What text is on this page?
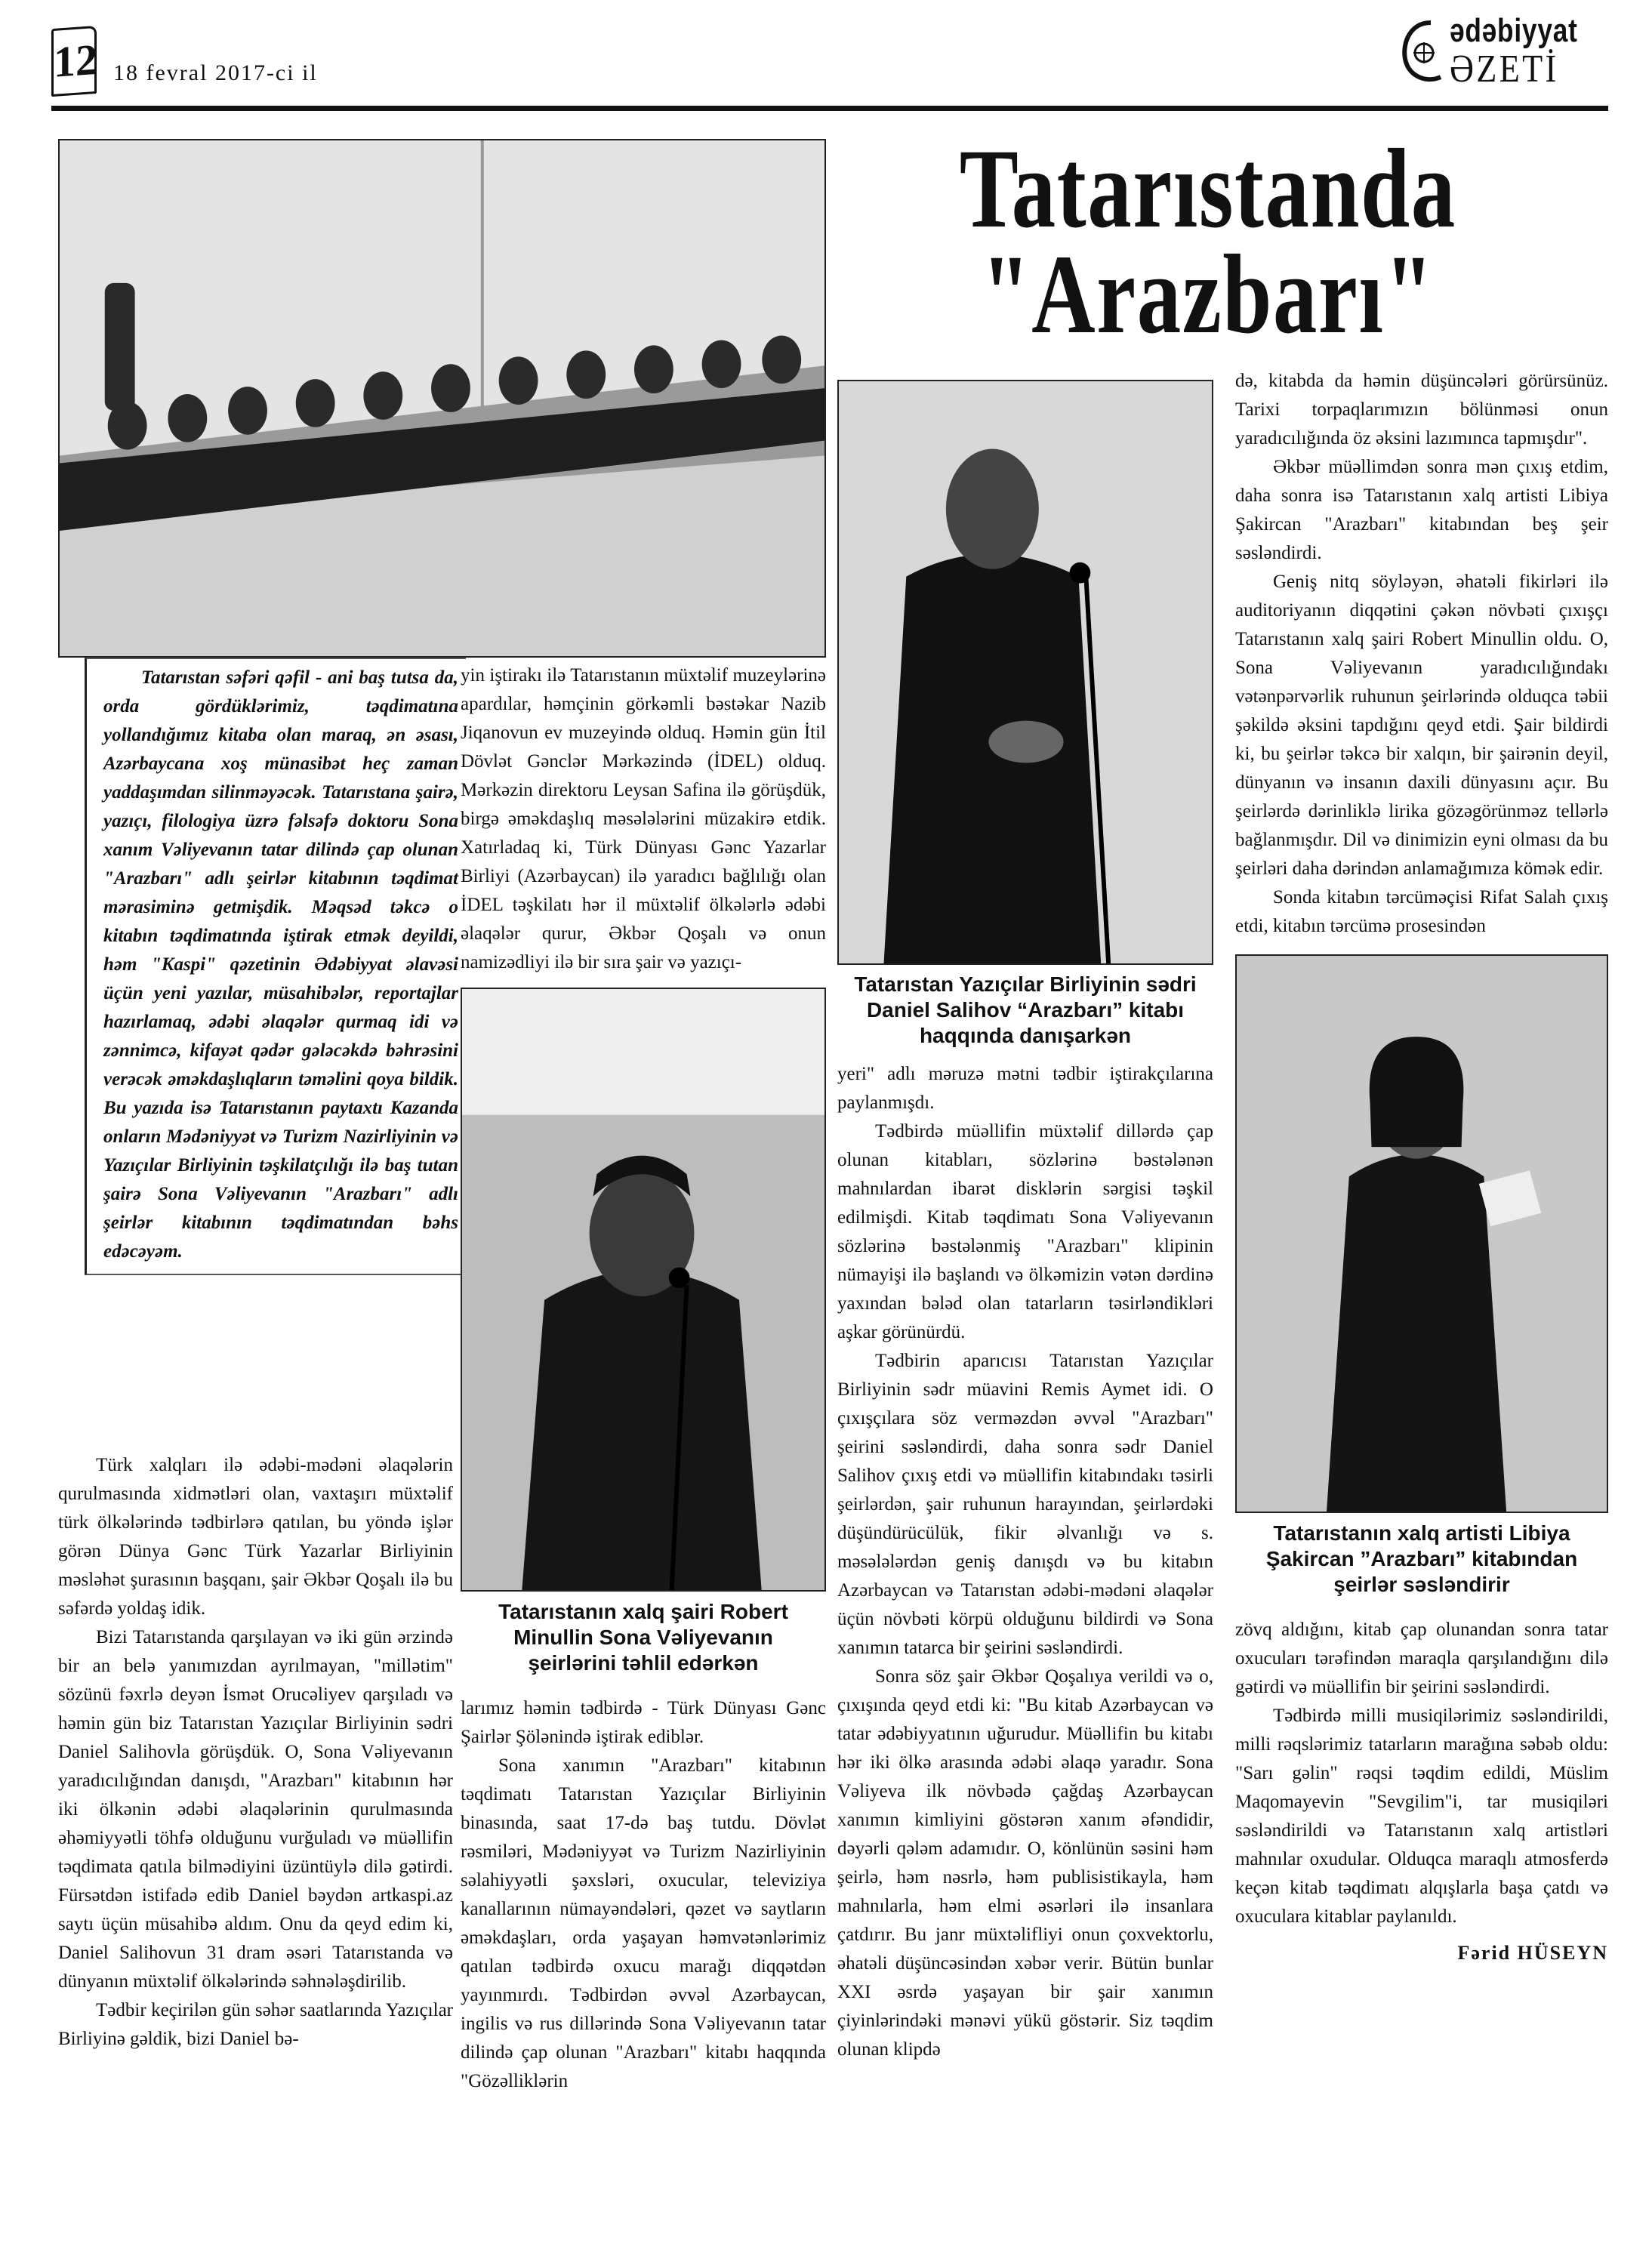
12 18 fevral 2017-ci il
ədəbiyyat
ƏZETİ
Tatarıstanda
"Arazbarı"

Tatarıstan səfəri qəfil - ani baş tutsa da, orda gördüklərimiz, təqdimatına yollandığımız kitaba olan maraq, ən əsası, Azərbaycana xoş münasibət heç zaman yaddaşımdan silinməyəcək. Tatarıstana şairə, yazıçı, filologiya üzrə fəlsəfə doktoru Sona xanım Vəliyevanın tatar dilində çap olunan "Arazbarı" adlı şeirlər kitabının təqdimat mərasiminə getmişdik. Məqsəd təkcə o kitabın təqdimatında iştirak etmək deyildi, həm "Kaspi" qəzetinin Ədəbiyyat əlavəsi üçün yeni yazılar, müsahibələr, reportajlar hazırlamaq, ədəbi əlaqələr qurmaq idi və zənnimcə, kifayət qədər gələcəkdə bəhrəsini verəcək əməkdaşlıqların təməlini qoya bildik. Bu yazıda isə Tatarıstanın paytaxtı Kazanda onların Mədəniyyət və Turizm Nazirliyinin və Yazıçılar Birliyinin təşkilatçılığı ilə baş tutan şairə Sona Vəliyevanın "Arazbarı" adlı şeirlər kitabının təqdimatından bəhs edəcəyəm.

Türk xalqları ilə ədəbi-mədəni əlaqələrin qurulmasında xidmətləri olan, vaxtaşırı müxtəlif türk ölkələrində tədbirlərə qatılan, bu yöndə işlər görən Dünya Gənc Türk Yazarlar Birliyinin məsləhət şurasının başqanı, şair Əkbər Qoşalı ilə bu səfərdə yoldaş idik.

Bizi Tatarıstanda qarşılayan və iki gün ərzində bir an belə yanımızdan ayrılmayan, "millətim" sözünü fəxrlə deyən İsmət Orucəliyev qarşıladı və həmin gün biz Tatarıstan Yazıçılar Birliyinin sədri Daniel Salihovla görüşdük. O, Sona Vəliyevanın yaradıcılığından danışdı, "Arazbarı" kitabının hər iki ölkənin ədəbi əlaqələrinin qurulmasında əhəmiyyətli töhfə olduğunu vurğuladı və müəllifin təqdimata qatıla bilmədiyini üzüntüylə dilə gətirdi. Fürsətdən istifadə edib Daniel bəydən artkaspi.az saytı üçün müsahibə aldım. Onu da qeyd edim ki, Daniel Salihovun 31 dram əsəri Tatarıstanda və dünyanın müxtəlif ölkələrində səhnələşdirilib.

Tədbir keçirilən gün səhər saatlarında Yazıçılar Birliyinə gəldik, bizi Daniel bə-

yin iştirakı ilə Tatarıstanın müxtəlif muzeylərinə apardılar, həmçinin görkəmli bəstəkar Nazib Jiqanovun ev muzeyində olduq. Həmin gün İtil Dövlət Gənclər Mərkəzində (İDEL) olduq. Mərkəzin direktoru Leysan Safina ilə görüşdük, birgə əməkdaşlıq məsələlərini müzakirə etdik. Xatırladaq ki, Türk Dünyası Gənc Yazarlar Birliyi (Azərbaycan) ilə yaradıcı bağlılığı olan İDEL təşkilatı hər il müxtəlif ölkələrlə ədəbi əlaqələr qurur, Əkbər Qoşalı və onun namizədliyi ilə bir sıra şair və yazıçı-

Tatarıstanın xalq şairi Robert Minullin Sona Vəliyevanın şeirlərini təhlil edərkən

larımız həmin tədbirdə - Türk Dünyası Gənc Şairlər Şölənində iştirak ediblər.

Sona xanımın "Arazbarı" kitabının təqdimatı Tatarıstan Yazıçılar Birliyinin binasında, saat 17-də baş tutdu. Dövlət rəsmiləri, Mədəniyyət və Turizm Nazirliyinin səlahiyyətli şəxsləri, oxucular, televiziya kanallarının nümayəndələri, qəzet və saytların əməkdaşları, orda yaşayan həmvətənlərimiz qatılan tədbirdə oxucu marağı diqqətdən yayınmırdı. Tədbirdən əvvəl Azərbaycan, ingilis və rus dillərində Sona Vəliyevanın tatar dilində çap olunan "Arazbarı" kitabı haqqında "Gözəlliklərin

Tatarıstan Yazıçılar Birliyinin sədri Daniel Salihov “Arazbarı” kitabı haqqında danışarkən

yeri" adlı məruzə mətni tədbir iştirakçılarına paylanmışdı.

Tədbirdə müəllifin müxtəlif dillərdə çap olunan kitabları, sözlərinə bəstələnən mahnılardan ibarət disklərin sərgisi təşkil edilmişdi. Kitab təqdimatı Sona Vəliyevanın sözlərinə bəstələnmiş "Arazbarı" klipinin nümayişi ilə başlandı və ölkəmizin vətən dərdinə yaxından bələd olan tatarların təsirləndikləri aşkar görünürdü.

Tədbirin aparıcısı Tatarıstan Yazıçılar Birliyinin sədr müavini Remis Aymet idi. O çıxışçılara söz verməzdən əvvəl "Arazbarı" şeirini səsləndirdi, daha sonra sədr Daniel Salihov çıxış etdi və müəllifin kitabındakı təsirli şeirlərdən, şair ruhunun harayından, şeirlərdəki düşündürücülük, fikir əlvanlığı və s. məsələlərdən geniş danışdı və bu kitabın Azərbaycan və Tatarıstan ədəbi-mədəni əlaqələr üçün növbəti körpü olduğunu bildirdi və Sona xanımın tatarca bir şeirini səsləndirdi.

Sonra söz şair Əkbər Qoşalıya verildi və o, çıxışında qeyd etdi ki: "Bu kitab Azərbaycan və tatar ədəbiyyatının uğurudur. Müəllifin bu kitabı hər iki ölkə arasında ədəbi əlaqə yaradır. Sona Vəliyeva ilk növbədə çağdaş Azərbaycan xanımın kimliyini göstərən xanım əfəndidir, dəyərli qələm adamıdır. O, könlünün səsini həm şeirlə, həm nəsrlə, həm publisistikayla, həm mahnılarla, həm elmi əsərləri ilə insanlara çatdırır. Bu janr müxtəlifliyi onun çoxvektorlu, əhatəli düşüncəsindən xəbər verir. Bütün bunlar XXI əsrdə yaşayan bir şair xanımın çiyinlərindəki mənəvi yükü göstərir. Siz təqdim olunan klipdə

də, kitabda da həmin düşüncələri görürsünüz. Tarixi torpaqlarımızın bölünməsi onun yaradıcılığında öz əksini lazımınca tapmışdır".

Əkbər müəllimdən sonra mən çıxış etdim, daha sonra isə Tatarıstanın xalq artisti Libiya Şakircan "Arazbarı" kitabından beş şeir səsləndirdi.

Geniş nitq söyləyən, əhatəli fikirləri ilə auditoriyanın diqqətini çəkən növbəti çıxışçı Tatarıstanın xalq şairi Robert Minullin oldu. O, Sona Vəliyevanın yaradıcılığındakı vətənpərvərlik ruhunun şeirlərində olduqca təbii şəkildə əksini tapdığını qeyd etdi. Şair bildirdi ki, bu şeirlər təkcə bir xalqın, bir şairənin deyil, dünyanın və insanın daxili dünyasını açır. Bu şeirlərdə dərinliklə lirika gözəgörünməz tellərlə bağlanmışdır. Dil və dinimizin eyni olması da bu şeirləri daha dərindən anlamağımıza kömək edir.

Sonda kitabın tərcüməçisi Rifat Salah çıxış etdi, kitabın tərcümə prosesindən

Tatarıstanın xalq artisti Libiya Şakircan ”Arazbarı” kitabından şeirlər səsləndirir

zövq aldığını, kitab çap olunandan sonra tatar oxucuları tərəfindən maraqla qarşılandığını dilə gətirdi və müəllifin bir şeirini səsləndirdi.

Tədbirdə milli musiqilərimiz səsləndirildi, milli rəqslərimiz tatarların marağına səbəb oldu: "Sarı gəlin" rəqsi təqdim edildi, Müslim Maqomayevin "Sevgilim"i, tar musiqiləri səsləndirildi və Tatarıstanın xalq artistləri mahnılar oxudular. Olduqca maraqlı atmosferdə keçən kitab təqdimatı alqışlarla başa çatdı və oxuculara kitablar paylanıldı.

Fərid HÜSEYN
